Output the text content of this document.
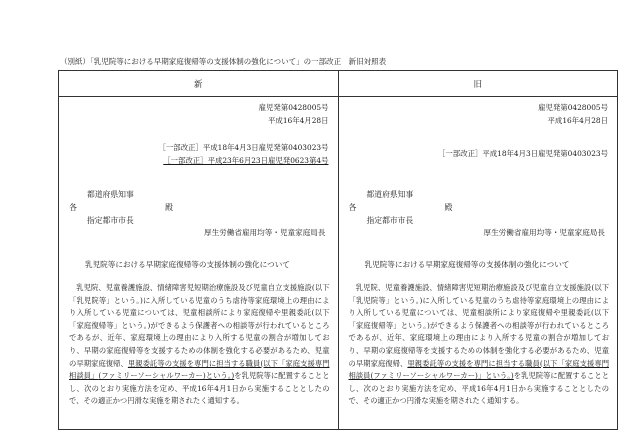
（別紙）「乳児院等における早期家庭復帰等の支援体制の強化について」の一部改正　新旧対照表
新
雇児発第0428005号
平成16年4月28日
［一部改正］平成18年4月3日雇児発第0403023号
［一部改正］平成23年6月23日雇児発0623第4号
各
都道府県知事
殿
指定都市市長
厚生労働省雇用均等・児童家庭局長
乳児院等における早期家庭復帰等の支援体制の強化について

乳児院、児童養護施設、情緒障害児短期治療施設及び児童自立支援施設(以下「乳児院等」という。)に入所している児童のうち虐待等家庭環境上の理由により入所している児童については、児童相談所により家庭復帰や里親委託(以下「家庭復帰等」という。)ができるよう保護者への相談等が行われているところであるが、近年、家庭環境上の理由により入所する児童の割合が増加しており、早期の家庭復帰等を支援するための体制を強化する必要があるため、児童の早期家庭復帰、里親委託等の支援を専門に担当する職員(以下「家庭支援専門相談員」(ファミリーソーシャルワーカー)という。)を乳児院等に配置することとし、次のとおり実施方法を定め、平成16年4月1日から実施することとしたので、その適正かつ円滑な実施を期されたく通知する。

旧
雇児発第0428005号
平成16年4月28日
［一部改正］平成18年4月3日雇児発第0403023号
各
都道府県知事
殿
指定都市市長
厚生労働省雇用均等・児童家庭局長
乳児院等における早期家庭復帰等の支援体制の強化について

乳児院、児童養護施設、情緒障害児短期治療施設及び児童自立支援施設(以下「乳児院等」という。)に入所している児童のうち虐待等家庭環境上の理由により入所している児童については、児童相談所により家庭復帰や里親委託(以下「家庭復帰等」という。)ができるよう保護者への相談等が行われているところであるが、近年、家庭環境上の理由により入所する児童の割合が増加しており、早期の家庭復帰等を支援するための体制を強化する必要があるため、児童の早期家庭復帰、里親委託等の支援を専門に担当する職員(以下「家庭支援専門相談員(ファミリーソーシャルワーカー)」という。)を乳児院等に配置することとし、次のとおり実施方法を定め、平成16年4月1日から実施することとしたので、その適正かつ円滑な実施を期されたく通知する。
